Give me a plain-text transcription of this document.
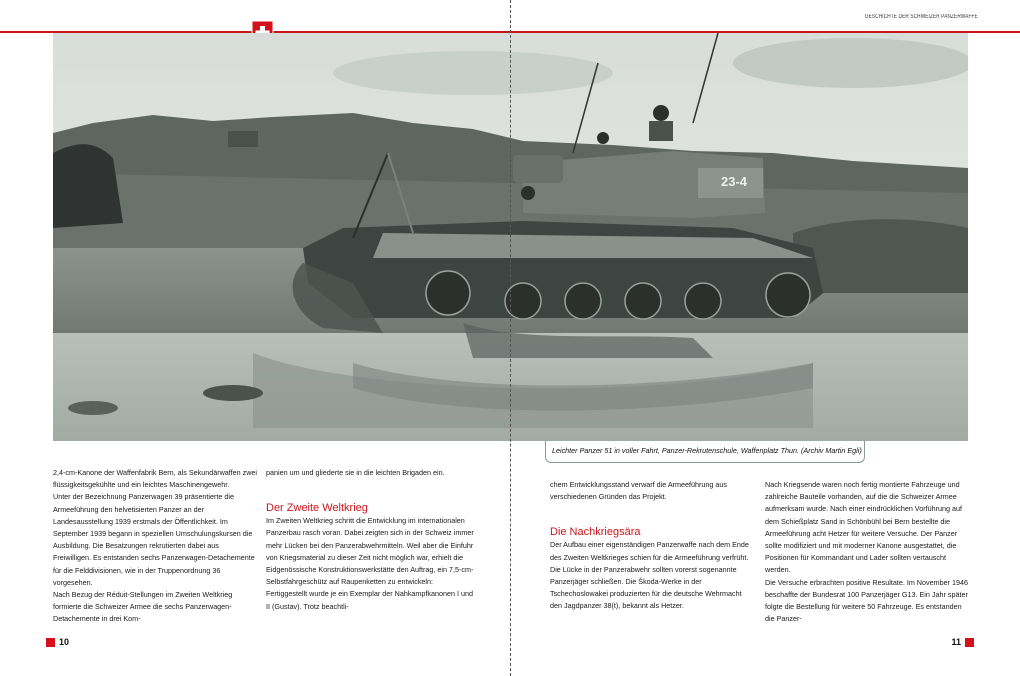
GESCHICHTE DER SCHWEIZER PANZERWAFFE
23-4
Leichter Panzer 51 in voller Fahrt, Panzer-Rekrutenschule, Waffenplatz Thun. (Archiv Martin Egli)

2,4-cm-Kanone der Waffenfabrik Bern, als Sekundärwaffen zwei flüssigkeitsgekühlte und ein leichtes Maschinengewehr.

Unter der Bezeichnung Panzerwagen 39 präsentierte die Armeeführung den helvetisierten Panzer an der Landesausstellung 1939 erstmals der Öffentlichkeit. Im September 1939 begann in speziellen Umschulungskursen die Ausbildung. Die Besatzungen rekrutierten dabei aus Freiwilligen. Es entstanden sechs Panzerwagen-Detachemente für die Felddivisionen, wie in der Truppenordnung 36 vorgesehen.

Nach Bezug der Réduit-Stellungen im Zweiten Weltkrieg formierte die Schweizer Armee die sechs Panzerwagen-Detachemente in drei Kom-

panien um und gliederte sie in die leichten Brigaden ein.

Der Zweite Weltkrieg

Im Zweiten Weltkrieg schritt die Entwicklung im internationalen Panzerbau rasch voran. Dabei zeigten sich in der Schweiz immer mehr Lücken bei den Panzerabwehrmitteln. Weil aber die Einfuhr von Kriegsmaterial zu dieser Zeit nicht möglich war, erhielt die Eidgenössische Konstruktionswerkstätte den Auftrag, ein 7,5-cm-Selbstfahrgeschütz auf Raupenketten zu entwickeln: Fertiggestellt wurde je ein Exemplar der Nahkampfkanonen I und II (Gustav). Trotz beachtli-

chem Entwicklungsstand verwarf die Armeeführung aus verschiedenen Gründen das Projekt.

Die Nachkriegsära

Der Aufbau einer eigenständigen Panzerwaffe nach dem Ende des Zweiten Weltkrieges schien für die Armeeführung verfrüht. Die Lücke in der Panzerabwehr sollten vorerst sogenannte Panzerjäger schließen. Die Škoda-Werke in der Tschechoslowakei produzierten für die deutsche Wehrmacht den Jagdpanzer 38(t), bekannt als Hetzer.

Nach Kriegsende waren noch fertig montierte Fahrzeuge und zahlreiche Bauteile vorhanden, auf die die Schweizer Armee aufmerksam wurde. Nach einer eindrücklichen Vorführung auf dem Schießplatz Sand in Schönbühl bei Bern bestellte die Armeeführung acht Hetzer für weitere Versuche. Der Panzer sollte modifiziert und mit moderner Kanone ausgestattet, die Positionen für Kommandant und Lader sollten vertauscht werden.

Die Versuche erbrachten positive Resultate. Im November 1946 beschaffte der Bundesrat 100 Panzerjäger G13. Ein Jahr später folgte die Bestellung für weitere 50 Fahrzeuge. Es entstanden die Panzer-

10	11
